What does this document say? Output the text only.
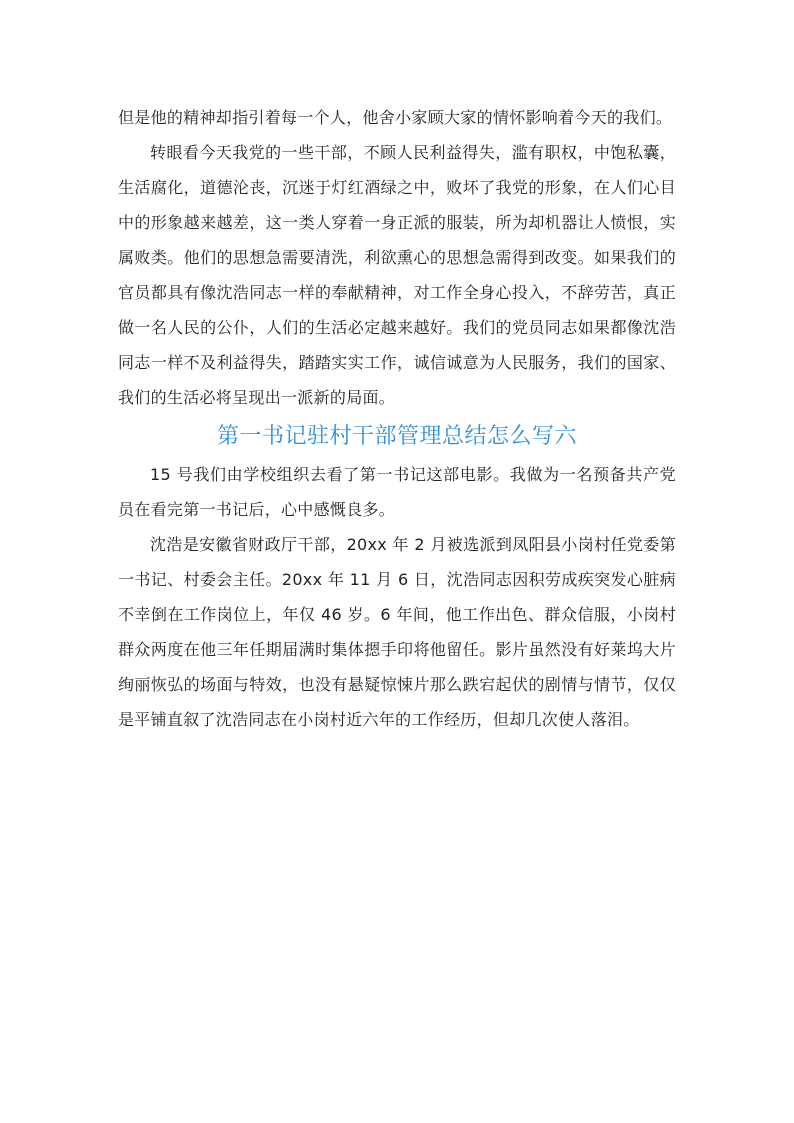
但是他的精神却指引着每一个人，他舍小家顾大家的情怀影响着今天的我们。

转眼看今天我党的一些干部，不顾人民利益得失，滥有职权，中饱私囊，生活腐化，道德沦丧，沉迷于灯红酒绿之中，败坏了我党的形象，在人们心目中的形象越来越差，这一类人穿着一身正派的服装，所为却机器让人愤恨，实属败类。他们的思想急需要清洗，利欲熏心的思想急需得到改变。如果我们的官员都具有像沈浩同志一样的奉献精神，对工作全身心投入，不辞劳苦，真正做一名人民的公仆，人们的生活必定越来越好。我们的党员同志如果都像沈浩同志一样不及利益得失，踏踏实实工作，诚信诚意为人民服务，我们的国家、我们的生活必将呈现出一派新的局面。

第一书记驻村干部管理总结怎么写六

15 号我们由学校组织去看了第一书记这部电影。我做为一名预备共产党员在看完第一书记后，心中感慨良多。

沈浩是安徽省财政厅干部，20xx 年 2 月被选派到凤阳县小岗村任党委第一书记、村委会主任。20xx 年 11 月 6 日，沈浩同志因积劳成疾突发心脏病不幸倒在工作岗位上，年仅 46 岁。6 年间，他工作出色、群众信服，小岗村群众两度在他三年任期届满时集体摁手印将他留任。影片虽然没有好莱坞大片绚丽恢弘的场面与特效，也没有悬疑惊悚片那么跌宕起伏的剧情与情节，仅仅是平铺直叙了沈浩同志在小岗村近六年的工作经历，但却几次使人落泪。
